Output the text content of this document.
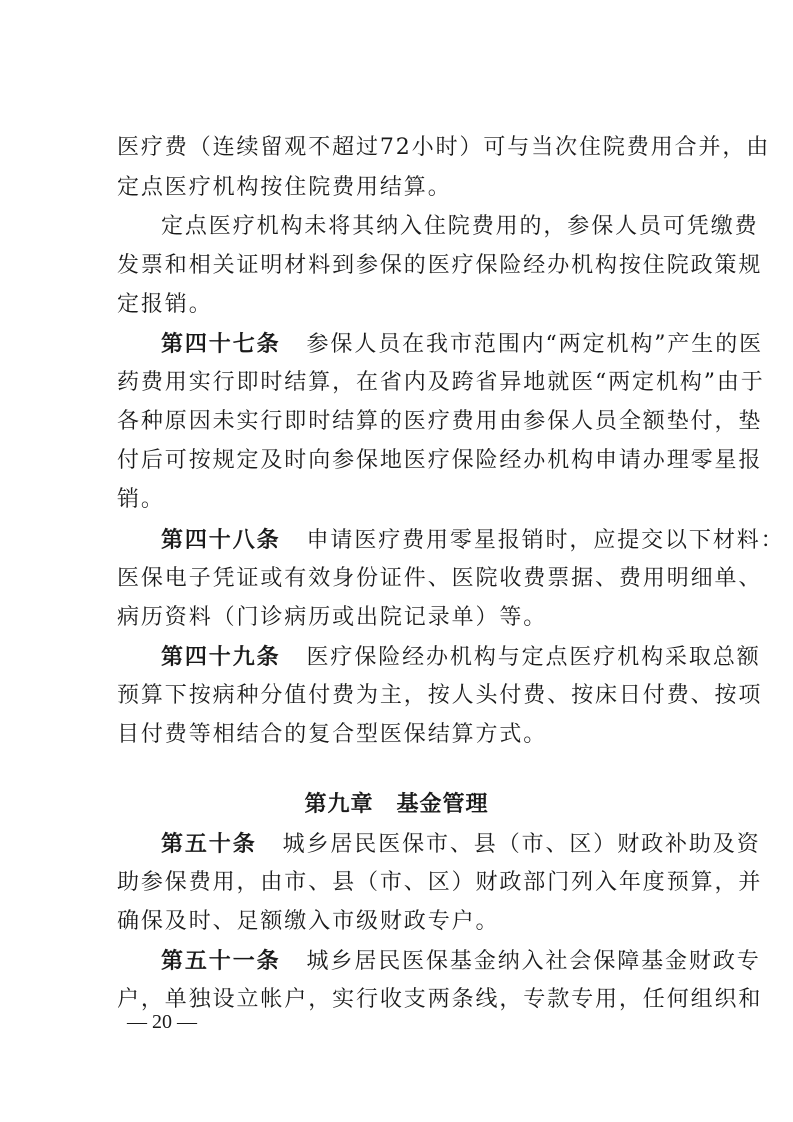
医疗费（连续留观不超过72小时）可与当次住院费用合并，由
定点医疗机构按住院费用结算。
定点医疗机构未将其纳入住院费用的，参保人员可凭缴费
发票和相关证明材料到参保的医疗保险经办机构按住院政策规
定报销。
第四十七条 参保人员在我市范围内“两定机构”产生的医
药费用实行即时结算，在省内及跨省异地就医“两定机构”由于
各种原因未实行即时结算的医疗费用由参保人员全额垫付，垫
付后可按规定及时向参保地医疗保险经办机构申请办理零星报
销。
第四十八条 申请医疗费用零星报销时，应提交以下材料：
医保电子凭证或有效身份证件、医院收费票据、费用明细单、
病历资料（门诊病历或出院记录单）等。
第四十九条 医疗保险经办机构与定点医疗机构采取总额
预算下按病种分值付费为主，按人头付费、按床日付费、按项
目付费等相结合的复合型医保结算方式。
第九章　基金管理
第五十条 城乡居民医保市、县（市、区）财政补助及资
助参保费用，由市、县（市、区）财政部门列入年度预算，并
确保及时、足额缴入市级财政专户。
第五十一条 城乡居民医保基金纳入社会保障基金财政专
户，单独设立帐户，实行收支两条线，专款专用，任何组织和
— 20 —
